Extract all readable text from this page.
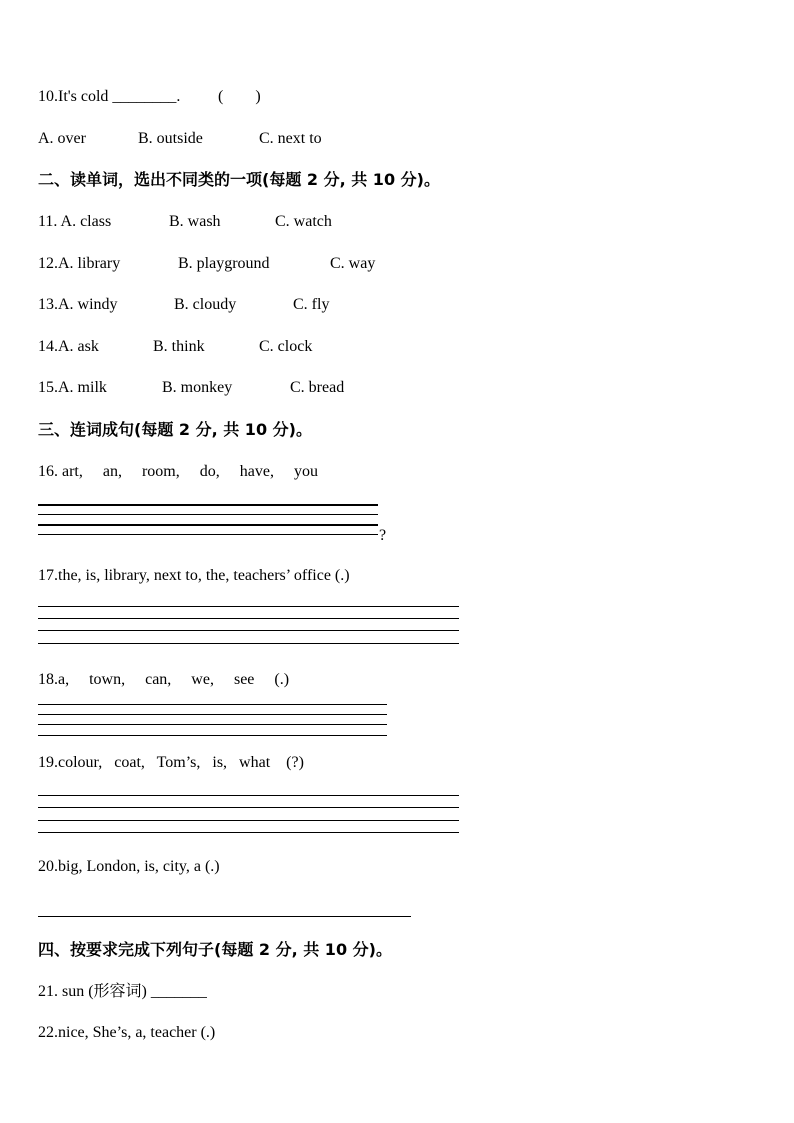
10.It's cold ________. (        )
A. over	B. outside	C. next to
二、读单词，选出不同类的一项(每题 2 分, 共 10 分)。
11. A. class	B. wash	C. watch
12.A. library	B. playground	C. way
13.A. windy	B. cloudy	C. fly
14.A. ask	B. think	C. clock
15.A. milk	B. monkey	C. bread
三、连词成句(每题 2 分, 共 10 分)。
16. art,     an,     room,     do,     have,     you
?
17.the, is, library, next to, the, teachers’ office (.)
18.a,     town,     can,     we,     see     (.)
19.colour,   coat,   Tom’s,   is,   what    (?)
20.big, London, is, city, a (.)
四、按要求完成下列句子(每题 2 分, 共 10 分)。
21. sun (形容词) _______
22.nice, She’s, a, teacher (.)
